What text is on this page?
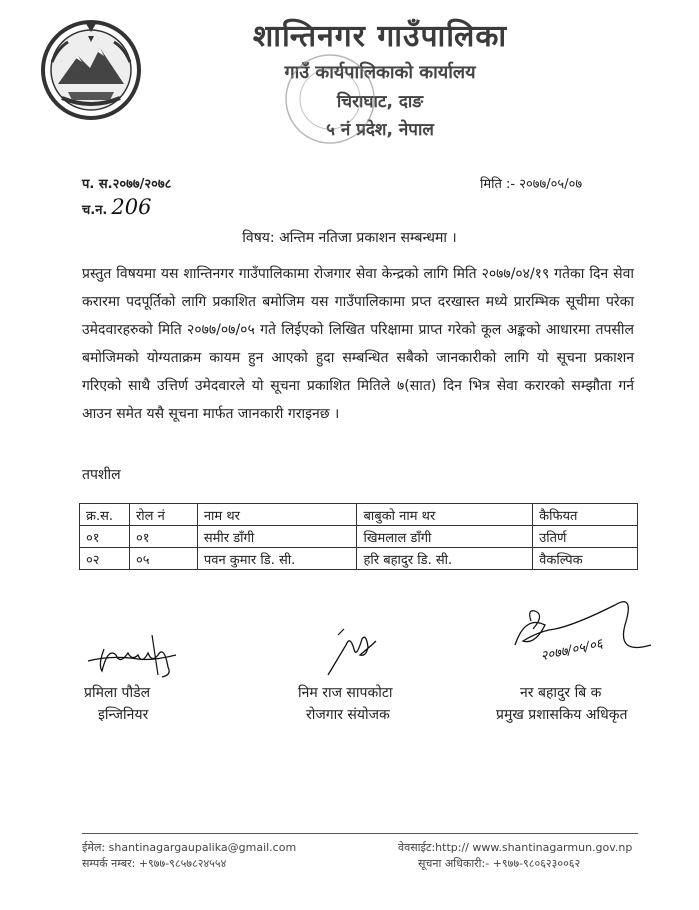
शान्तिनगर गाउँपालिका
गाउँ कार्यपालिकाको कार्यालय
चिराघाट, दाङ
५ नं प्रदेश, नेपाल
प. स.२०७७/२०७८
च.न. 206
मिति :- २०७७/०५/०७
विषय: अन्तिम नतिजा प्रकाशन सम्बन्धमा ।
प्रस्तुत विषयमा यस शान्तिनगर गाउँपालिकामा रोजगार सेवा केन्द्रको लागि मिति २०७७/०४/१९ गतेका दिन सेवा करारमा पदपूर्तिको लागि प्रकाशित बमोजिम यस गाउँपालिकामा प्रप्त दरखास्त मध्ये प्रारम्भिक सूचीमा परेका उमेदवारहरुको मिति २०७७/०७/०५ गते लिईएको लिखित परिक्षामा प्राप्त गरेको कूल अङ्कको आधारमा तपसील बमोजिमको योग्यताक्रम कायम हुन आएको हुदा सम्बन्धित सबैको जानकारीको लागि यो सूचना प्रकाशन गरिएको साथै उत्तिर्ण उमेदवारले यो सूचना प्रकाशित मितिले ७(सात) दिन भित्र सेवा करारको सम्झौता गर्न आउन समेत यसै सूचना मार्फत जानकारी गराइनछ ।
तपशील
क्र.स.	रोल नं	नाम थर	बाबुको नाम थर	कैफियत
०१	०१	समीर डाँगी	खिमलाल डाँगी	उतिर्ण
०२	०५	पवन कुमार डि. सी.	हरि बहादुर डि. सी.	वैकल्पिक
प्रमिला पौडेल
इन्जिनियर
निम राज सापकोटा
रोजगार संयोजक
२०७७/०५/०६
नर बहादुर बि क
प्रमुख प्रशासकिय अधिकृत
ईमेल: shantinagargaupalika@gmail.com
सम्पर्क नम्बर: +९७७-९८५७८२४५५४
वेवसाईट:http:// www.shantinagarmun.gov.np
सूचना अधिकारी:- +९७७-९८०६२३००६२
